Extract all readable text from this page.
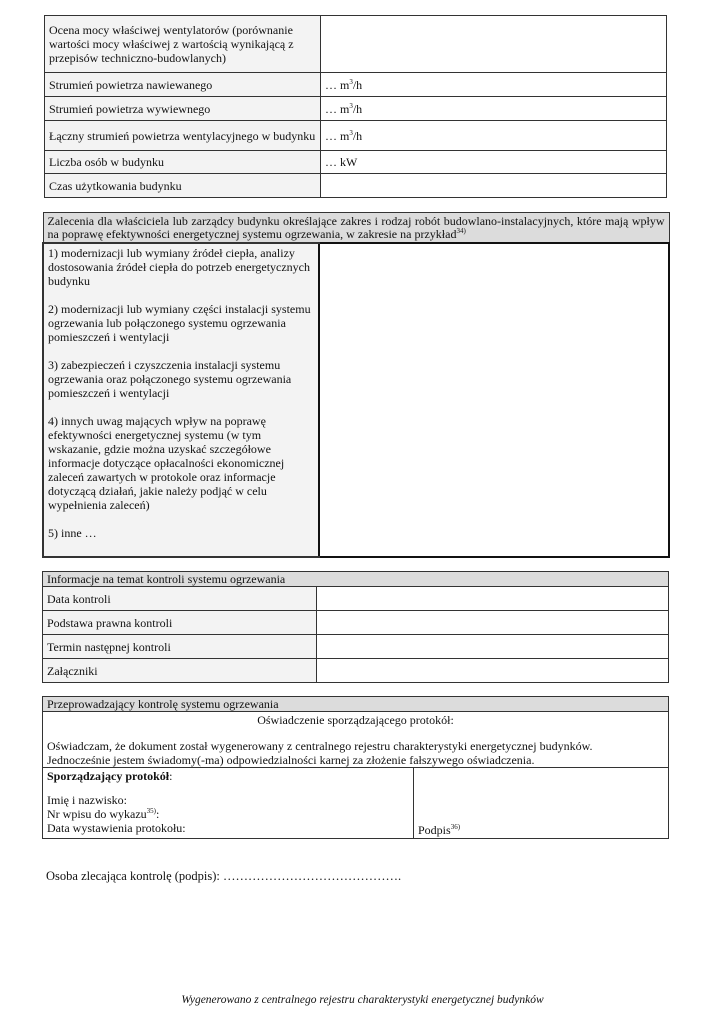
Ocena mocy właściwej wentylatorów (porównanie wartości mocy właściwej z wartością wynikającą z przepisów techniczno-budowlanych)	
Strumień powietrza nawiewanego	… $m^3/h$
Strumień powietrza wywiewnego	… $m^3/h$
Łączny strumień powietrza wentylacyjnego w budynku	… $m^3/h$
Liczba osób w budynku	… kW
Czas użytkowania budynku	
Zalecenia dla właściciela lub zarządcy budynku określające zakres i rodzaj robót budowlano-instalacyjnych, które mają wpływ na poprawę efektywności energetycznej systemu ogrzewania, w zakresie na przykład$^{34)}$

1) modernizacji lub wymiany źródeł ciepła, analizy dostosowania źródeł ciepła do potrzeb energetycznych budynku

2) modernizacji lub wymiany części instalacji systemu ogrzewania lub połączonego systemu ogrzewania pomieszczeń i wentylacji

3) zabezpieczeń i czyszczenia instalacji systemu ogrzewania oraz połączonego systemu ogrzewania pomieszczeń i wentylacji

4) innych uwag mających wpływ na poprawę efektywności energetycznej systemu (w tym wskazanie, gdzie można uzyskać szczegółowe informacje dotyczące opłacalności ekonomicznej zaleceń zawartych w protokole oraz informacje dotyczącą działań, jakie należy podjąć w celu wypełnienia zaleceń)

5) inne …

Informacje na temat kontroli systemu ogrzewania	
Data kontroli	
Podstawa prawna kontroli	
Termin następnej kontroli	
Załączniki	
Przeprowadzający kontrolę systemu ogrzewania

Oświadczenie sporządzającego protokół:

Oświadczam, że dokument został wygenerowany z centralnego rejestru charakterystyki energetycznej budynków.

Jednocześnie jestem świadomy(-ma) odpowiedzialności karnej za złożenie fałszywego oświadczenia.

Sporządzający protokół:

Imię i nazwisko:

Nr wpisu do wykazu$^{35)}$:

Data wystawienia protokołu:	Podpis$^{36)}$
Osoba zlecająca kontrolę (podpis): …………………………………….
Wygenerowano z centralnego rejestru charakterystyki energetycznej budynków
